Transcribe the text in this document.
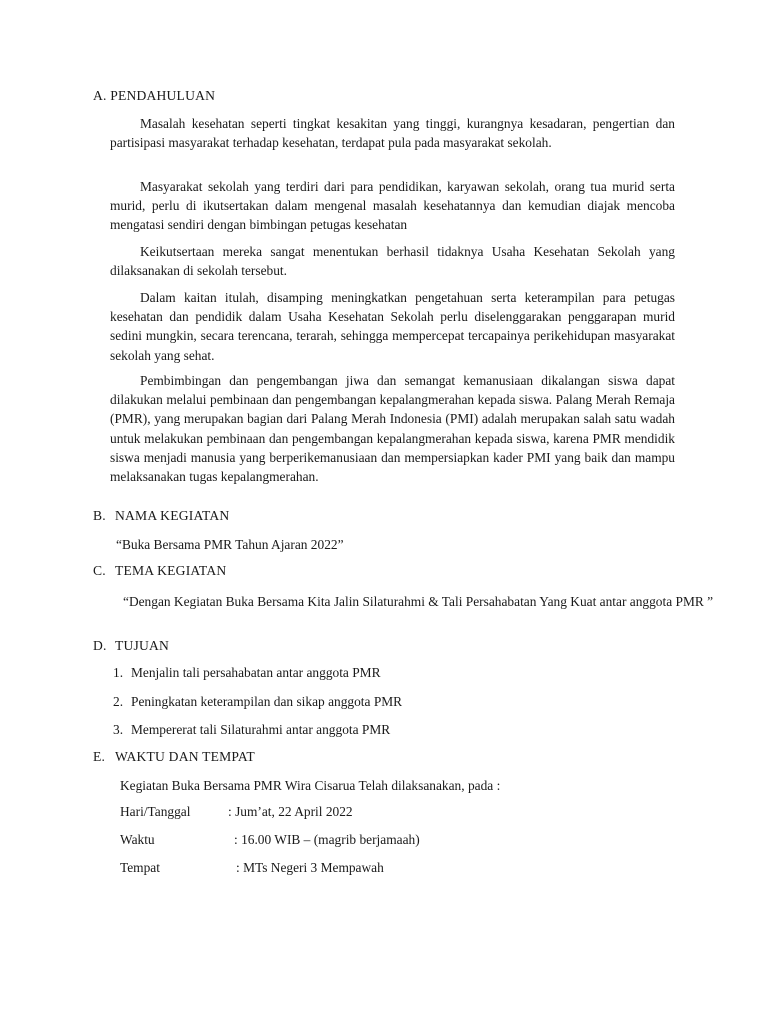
A. PENDAHULUAN

Masalah kesehatan seperti tingkat kesakitan yang tinggi, kurangnya kesadaran, pengertian dan partisipasi masyarakat terhadap kesehatan, terdapat pula pada masyarakat sekolah.

Masyarakat sekolah yang terdiri dari para pendidikan, karyawan sekolah, orang tua murid serta murid, perlu di ikutsertakan dalam mengenal masalah kesehatannya dan kemudian diajak mencoba mengatasi sendiri dengan bimbingan petugas kesehatan

Keikutsertaan mereka sangat menentukan berhasil tidaknya Usaha Kesehatan Sekolah yang dilaksanakan di sekolah tersebut.

Dalam kaitan itulah, disamping meningkatkan pengetahuan serta keterampilan para petugas kesehatan dan pendidik dalam Usaha Kesehatan Sekolah perlu diselenggarakan penggarapan murid sedini mungkin, secara terencana, terarah, sehingga mempercepat tercapainya perikehidupan masyarakat sekolah yang sehat.

Pembimbingan dan pengembangan jiwa dan semangat kemanusiaan dikalangan siswa dapat dilakukan melalui pembinaan dan pengembangan kepalangmerahan kepada siswa. Palang Merah Remaja (PMR), yang merupakan bagian dari Palang Merah Indonesia (PMI) adalah merupakan salah satu wadah untuk melakukan pembinaan dan pengembangan kepalangmerahan kepada siswa, karena PMR mendidik siswa menjadi manusia yang berperikemanusiaan dan mempersiapkan kader PMI yang baik dan mampu melaksanakan tugas kepalangmerahan.

B. NAMA KEGIATAN
“Buka Bersama PMR Tahun Ajaran 2022”
C. TEMA KEGIATAN

“Dengan Kegiatan Buka Bersama Kita Jalin Silaturahmi & Tali Persahabatan Yang Kuat antar anggota PMR ”

D. TUJUAN
1. Menjalin tali persahabatan antar anggota PMR
2. Peningkatan keterampilan dan sikap anggota PMR
3. Mempererat tali Silaturahmi antar anggota PMR
E. WAKTU DAN TEMPAT
Kegiatan Buka Bersama PMR Wira Cisarua Telah dilaksanakan, pada :
Hari/Tanggal	: Jum’at, 22 April 2022
Waktu	: 16.00 WIB – (magrib berjamaah)
Tempat	: MTs Negeri 3 Mempawah
